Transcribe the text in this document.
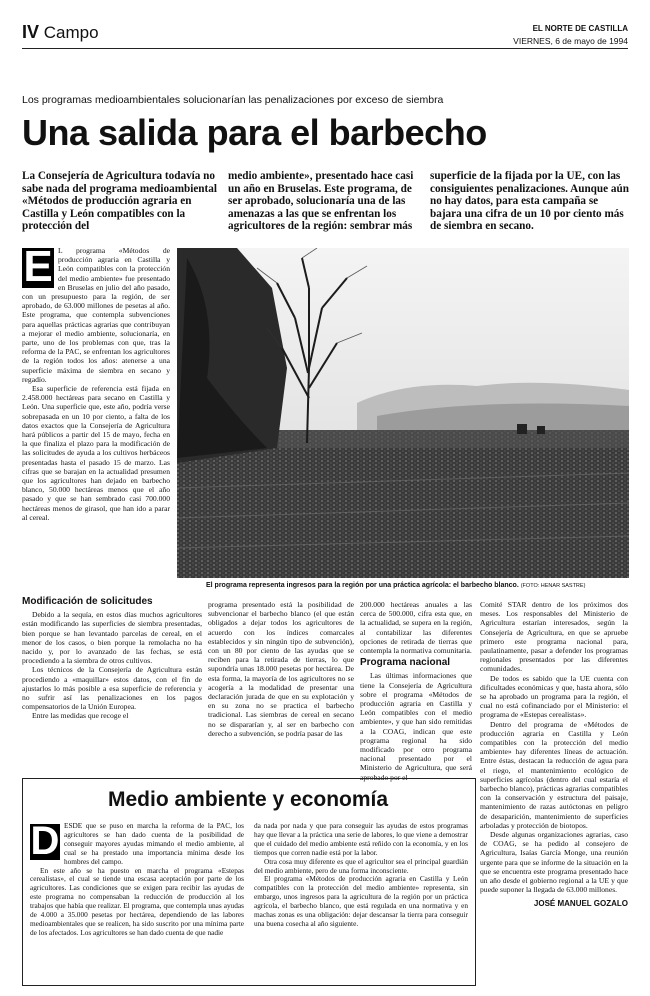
IV Campo	EL NORTE DE CASTILLA
VIERNES, 6 de mayo de 1994
Los programas medioambientales solucionarían las penalizaciones por exceso de siembra
Una salida para el barbecho
La Consejería de Agricultura todavía no sabe nada del programa medioambiental «Métodos de producción agraria en Castilla y León compatibles con la protección del
medio ambiente», presentado hace casi un año en Bruselas. Este programa, de ser aprobado, solucionaría una de las amenazas a las que se enfrentan los agricultores de la región: sembrar más
superficie de la fijada por la UE, con las consiguientes penalizaciones. Aunque aún no hay datos, para esta campaña se bajara una cifra de un 10 por ciento más de siembra en secano.
E L programa «Métodos de producción agraria en Castilla y León compatibles con la protección del medio ambiente» fue presentado en Bruselas en julio del año pasado, con un presupuesto para la región, de ser aprobado, de 63.000 millones de pesetas al año. Este programa, que contempla subvenciones para aquellas prácticas agrarias que contribuyan a mejorar el medio ambiente, solucionaría, en parte, uno de los problemas con que, tras la reforma de la PAC, se enfrentan los agricultores de la región todos los años: atenerse a una superficie máxima de siembra en secano y regadío.

Esa superficie de referencia está fijada en 2.458.000 hectáreas para secano en Castilla y León. Una superficie que, este año, podría verse sobrepasada en un 10 por ciento, a falta de los datos exactos que la Consejería de Agricultura hará públicos a partir del 15 de mayo, fecha en la que finaliza el plazo para la modificación de las solicitudes de ayuda a los cultivos herbáceos presentadas hasta el pasado 15 de marzo. Las cifras que se barajan en la actualidad presumen que los agricultores han dejado en barbecho blanco, 50.000 hectáreas menos que el año pasado y que se han sembrado casi 700.000 hectáreas menos de girasol, que han ido a parar al cereal.

El programa representa ingresos para la región por una práctica agrícola: el barbecho blanco. (FOTO: HENAR SASTRE)
Modificación de solicitudes

Debido a la sequía, en estos días muchos agricultores están modificando las superficies de siembra presentadas, bien porque se han levantado parcelas de cereal, en el menor de los casos, o bien porque la remolacha no ha nacido y, por lo avanzado de las fechas, se está procediendo a la siembra de otros cultivos.

Los técnicos de la Consejería de Agricultura están procediendo a «maquillar» estos datos, con el fin de ajustarlos lo más posible a esa superficie de referencia y no sufrir así las penalizaciones en los pagos compensatorios de la Unión Europea.

Entre las medidas que recoge el

programa presentado está la posibilidad de subvencionar el barbecho blanco (el que están obligados a dejar todos los agricultores de acuerdo con los índices comarcales establecidos y sin ningún tipo de subvención), con un 80 por ciento de las ayudas que se reciben para la retirada de tierras, lo que supondría unas 18.000 pesetas por hectárea. De esta forma, la mayoría de los agricultores no se acogería a la modalidad de presentar una declaración jurada de que en su explotación y en su zona no se practica el barbecho tradicional. Las siembras de cereal en secano no se dispararían y, al ser en barbecho con derecho a subvención, se podría pasar de las

200.000 hectáreas anuales a las cerca de 500.000, cifra esta que, en la actualidad, se supera en la región, al contabilizar las diferentes opciones de retirada de tierras que contempla la normativa comunitaria.

Programa nacional

Las últimas informaciones que tiene la Consejería de Agricultura sobre el programa «Métodos de producción agraria en Castilla y León compatibles con el medio ambiente», y que han sido remitidas a la COAG, indican que este programa regional ha sido modificado por otro programa nacional presentado por el Ministerio de Agricultura, que será aprobado por el

Comité STAR dentro de los próximos dos meses. Los responsables del Ministerio de Agricultura estarían interesados, según la Consejería de Agricultura, en que se apruebe primero este programa nacional para, paulatinamente, pasar a defender los programas regionales presentados por las diferentes comunidades.

De todos es sabido que la UE cuenta con dificultades económicas y que, hasta ahora, sólo se ha aprobado un programa para la región, el cual no está cofinanciado por el Ministerio: el programa de «Estepas cerealistas».

Dentro del programa de «Métodos de producción agraria en Castilla y León compatibles con la protección del medio ambiente» hay diferentes líneas de actuación. Entre éstas, destacan la reducción de agua para el riego, el mantenimiento ecológico de superficies agrícolas (dentro del cual estaría el barbecho blanco), prácticas agrarias compatibles con la conservación y estructura del paisaje, mantenimiento de razas autóctonas en peligro de desaparición, mantenimiento de superficies arboladas y protección de biotopos.

Desde algunas organizaciones agrarias, caso de COAG, se ha pedido al consejero de Agricultura, Isaías García Monge, una reunión urgente para que se informe de la situación en la que se encuentra este programa presentado hace un año desde el gobierno regional a la UE y que puede suponer la llegada de 63.000 millones.

JOSÉ MANUEL GOZALO
Medio ambiente y economía
D ESDE que se puso en marcha la reforma de la PAC, los agricultores se han dado cuenta de la posibilidad de conseguir mayores ayudas mimando el medio ambiente, al cual se ha prestado una importancia mínima desde los hombres del campo.

En este año se ha puesto en marcha el programa «Estepas cerealistas», el cual se tiende una escasa aceptación por parte de los agricultores. Las condiciones que se exigen para recibir las ayudas de este programa no compensaban la reducción de producción al los trabajos que había que realizar. El programa, que contempla unas ayudas de 4.000 a 35.000 pesetas por hectárea, dependiendo de las labores medioambientales que se realicen, ha sido suscrito por una mínima parte de los afectados. Los agricultores se han dado cuenta de que nadie

da nada por nada y que para conseguir las ayudas de estos programas hay que llevar a la práctica una serie de labores, lo que viene a demostrar que el cuidado del medio ambiente está reñido con la economía, y en los tiempos que corren nadie está por la labor.

Otra cosa muy diferente es que el agricultor sea el principal guardián del medio ambiente, pero de una forma inconsciente.

El programa «Métodos de producción agraria en Castilla y León compatibles con la protección del medio ambiente» representa, sin embargo, unos ingresos para la agricultura de la región por un práctica agrícola, el barbecho blanco, que está regulada en una normativa y en machas zonas es una obligación: dejar descansar la tierra para conseguir una buena cosecha al año siguiente.
